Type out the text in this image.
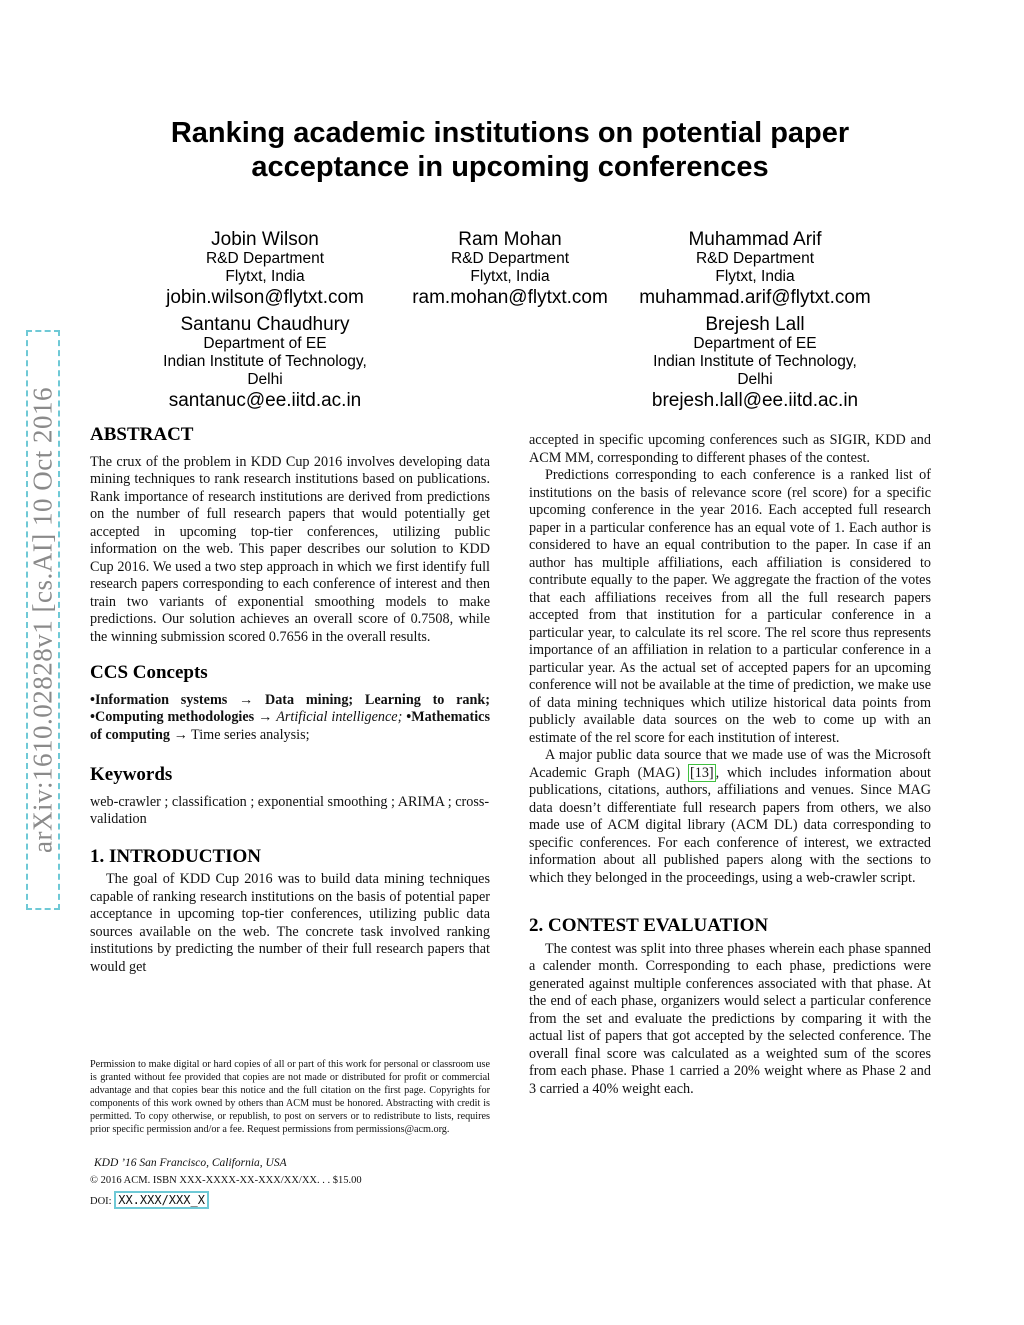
arXiv:1610.02828v1 [cs.AI] 10 Oct 2016
Ranking academic institutions on potential paper acceptance in upcoming conferences
Jobin Wilson
R&D Department
Flytxt, India
jobin.wilson@flytxt.com
Ram Mohan
R&D Department
Flytxt, India
ram.mohan@flytxt.com
Muhammad Arif
R&D Department
Flytxt, India
muhammad.arif@flytxt.com
Santanu Chaudhury
Department of EE
Indian Institute of Technology, Delhi
santanuc@ee.iitd.ac.in
Brejesh Lall
Department of EE
Indian Institute of Technology, Delhi
brejesh.lall@ee.iitd.ac.in
ABSTRACT

The crux of the problem in KDD Cup 2016 involves developing data mining techniques to rank research institutions based on publications. Rank importance of research institutions are derived from predictions on the number of full research papers that would potentially get accepted in upcoming top-tier conferences, utilizing public information on the web. This paper describes our solution to KDD Cup 2016. We used a two step approach in which we first identify full research papers corresponding to each conference of interest and then train two variants of exponential smoothing models to make predictions. Our solution achieves an overall score of 0.7508, while the winning submission scored 0.7656 in the overall results.

CCS Concepts

•Information systems → Data mining; Learning to rank; •Computing methodologies → Artificial intelligence; •Mathematics of computing → Time series analysis;

Keywords

web-crawler ; classification ; exponential smoothing ; ARIMA ; cross-validation

1. INTRODUCTION

The goal of KDD Cup 2016 was to build data mining techniques capable of ranking research institutions on the basis of potential paper acceptance in upcoming top-tier conferences, utilizing public data sources available on the web. The concrete task involved ranking institutions by predicting the number of their full research papers that would get

accepted in specific upcoming conferences such as SIGIR, KDD and ACM MM, corresponding to different phases of the contest.

Predictions corresponding to each conference is a ranked list of institutions on the basis of relevance score (rel score) for a specific upcoming conference in the year 2016. Each accepted full research paper in a particular conference has an equal vote of 1. Each author is considered to have an equal contribution to the paper. In case if an author has multiple affiliations, each affiliation is considered to contribute equally to the paper. We aggregate the fraction of the votes that each affiliations receives from all the full research papers accepted from that institution for a particular conference in a particular year, to calculate its rel score. The rel score thus represents importance of an affiliation in relation to a particular conference in a particular year. As the actual set of accepted papers for an upcoming conference will not be available at the time of prediction, we make use of data mining techniques which utilize historical data points from publicly available data sources on the web to come up with an estimate of the rel score for each institution of interest.

A major public data source that we made use of was the Microsoft Academic Graph (MAG) [13] , which includes information about publications, citations, authors, affiliations and venues. Since MAG data doesn’t differentiate full research papers from others, we also made use of ACM digital library (ACM DL) data corresponding to specific conferences. For each conference of interest, we extracted information about all published papers along with the sections to which they belonged in the proceedings, using a web-crawler script.

2. CONTEST EVALUATION

The contest was split into three phases wherein each phase spanned a calender month. Corresponding to each phase, predictions were generated against multiple conferences associated with that phase. At the end of each phase, organizers would select a particular conference from the set and evaluate the predictions by comparing it with the actual list of papers that got accepted by the selected conference. The overall final score was calculated as a weighted sum of the scores from each phase. Phase 1 carried a 20% weight where as Phase 2 and 3 carried a 40% weight each.

Permission to make digital or hard copies of all or part of this work for personal or classroom use is granted without fee provided that copies are not made or distributed for profit or commercial advantage and that copies bear this notice and the full citation on the first page. Copyrights for components of this work owned by others than ACM must be honored. Abstracting with credit is permitted. To copy otherwise, or republish, to post on servers or to redistribute to lists, requires prior specific permission and/or a fee. Request permissions from permissions@acm.org.
KDD ’16 San Francisco, California, USA
© 2016 ACM. ISBN XXX-XXXX-XX-XXX/XX/XX. . . $15.00
DOI: XX.XXX/XXX_X
